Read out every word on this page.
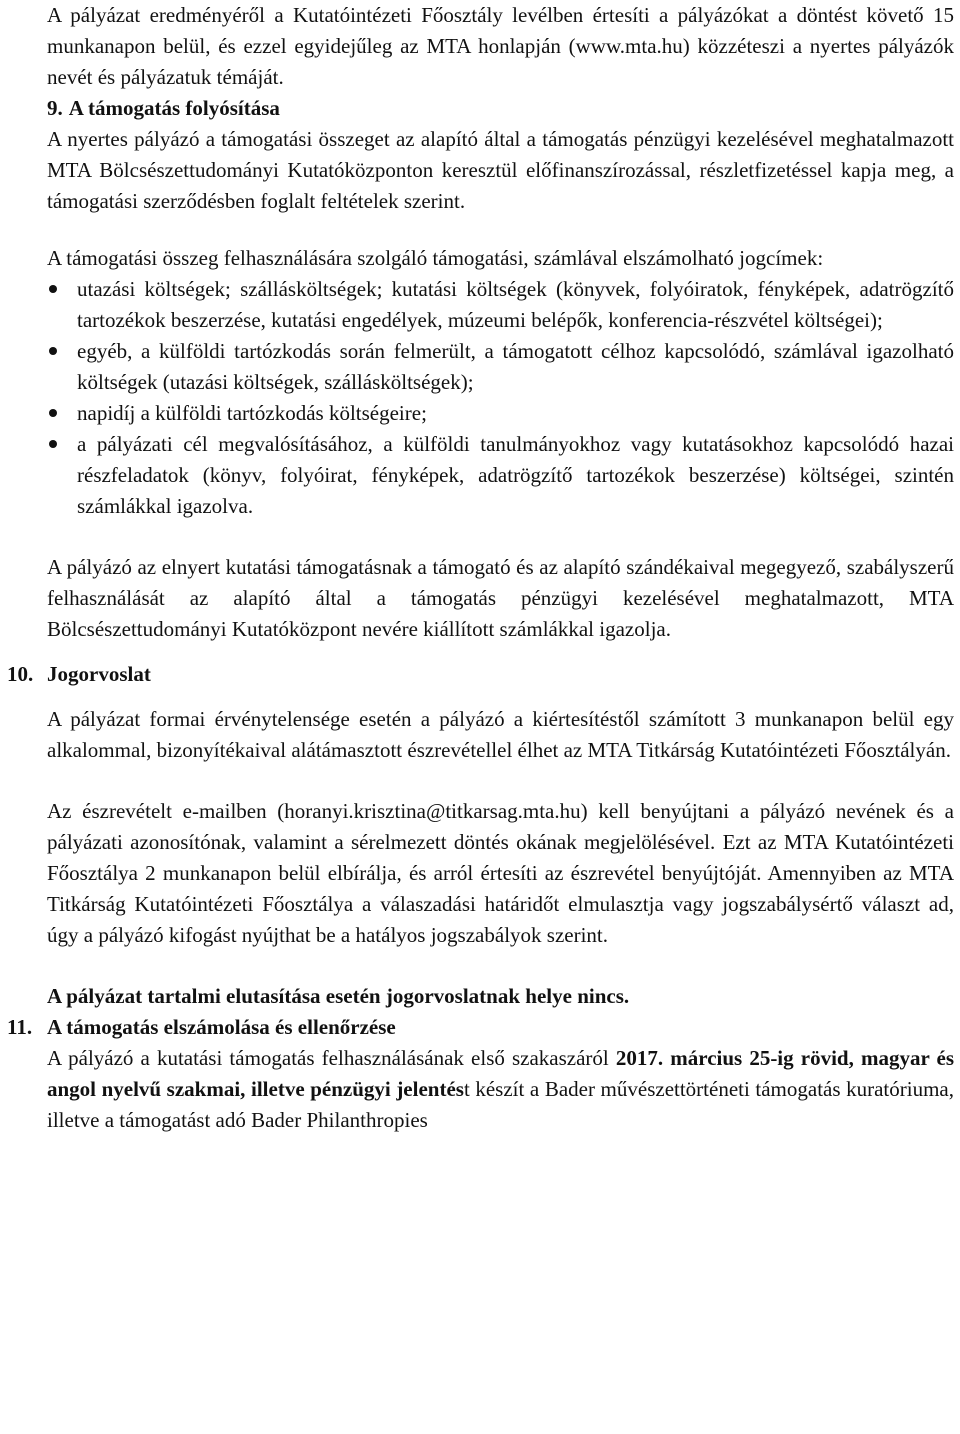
A pályázat eredményéről a Kutatóintézeti Főosztály levélben értesíti a pályázókat a döntést követő 15 munkanapon belül, és ezzel egyidejűleg az MTA honlapján (www.mta.hu) közzéteszi a nyertes pályázók nevét és pályázatuk témáját.

9. A támogatás folyósítása

A nyertes pályázó a támogatási összeget az alapító által a támogatás pénzügyi kezelésével meghatalmazott MTA Bölcsészettudományi Kutatóközponton keresztül előfinanszírozással, részletfizetéssel kapja meg, a támogatási szerződésben foglalt feltételek szerint.

A támogatási összeg felhasználására szolgáló támogatási, számlával elszámolható jogcímek:

utazási költségek; szállásköltségek; kutatási költségek (könyvek, folyóiratok, fényképek, adatrögzítő tartozékok beszerzése, kutatási engedélyek, múzeumi belépők, konferencia-részvétel költségei);
egyéb, a külföldi tartózkodás során felmerült, a támogatott célhoz kapcsolódó, számlával igazolható költségek (utazási költségek, szállásköltségek);
napidíj a külföldi tartózkodás költségeire;
a pályázati cél megvalósításához, a külföldi tanulmányokhoz vagy kutatásokhoz kapcsolódó hazai részfeladatok (könyv, folyóirat, fényképek, adatrögzítő tartozékok beszerzése) költségei, szintén számlákkal igazolva.

A pályázó az elnyert kutatási támogatásnak a támogató és az alapító szándékaival megegyező, szabályszerű felhasználását az alapító által a támogatás pénzügyi kezelésével meghatalmazott, MTA Bölcsészettudományi Kutatóközpont nevére kiállított számlákkal igazolja.

10. Jogorvoslat

A pályázat formai érvénytelensége esetén a pályázó a kiértesítéstől számított 3 munkanapon belül egy alkalommal, bizonyítékaival alátámasztott észrevétellel élhet az MTA Titkárság Kutatóintézeti Főosztályán.

Az észrevételt e-mailben (horanyi.krisztina@titkarsag.mta.hu) kell benyújtani a pályázó nevének és a pályázati azonosítónak, valamint a sérelmezett döntés okának megjelölésével. Ezt az MTA Kutatóintézeti Főosztálya 2 munkanapon belül elbírálja, és arról értesíti az észrevétel benyújtóját. Amennyiben az MTA Titkárság Kutatóintézeti Főosztálya a válaszadási határidőt elmulasztja vagy jogszabálysértő választ ad, úgy a pályázó kifogást nyújthat be a hatályos jogszabályok szerint.

A pályázat tartalmi elutasítása esetén jogorvoslatnak helye nincs.

11. A támogatás elszámolása és ellenőrzése

A pályázó a kutatási támogatás felhasználásának első szakaszáról 2017. március 25-ig rövid, magyar és angol nyelvű szakmai, illetve pénzügyi jelentést készít a Bader művészettörténeti támogatás kuratóriuma, illetve a támogatást adó Bader Philanthropies
